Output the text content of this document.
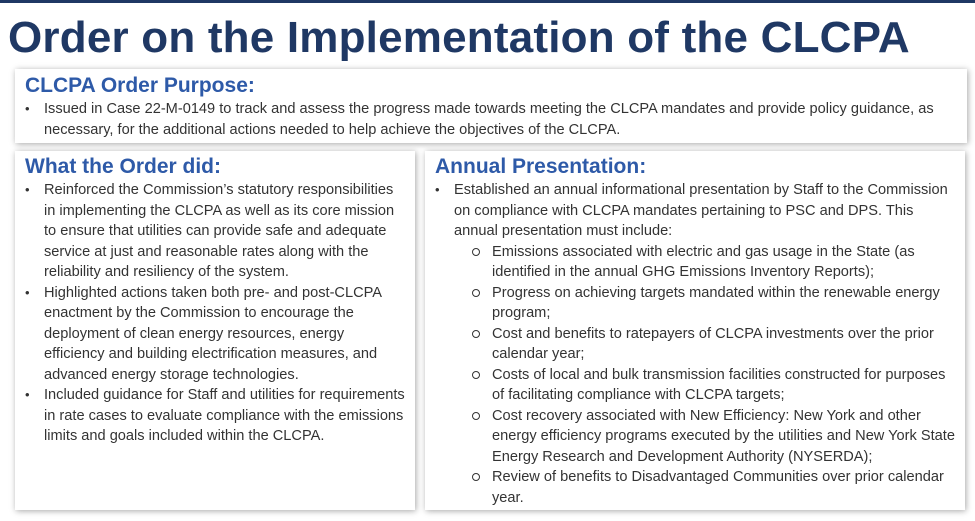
Order on the Implementation of the CLCPA
CLCPA Order Purpose:
• Issued in Case 22-M-0149 to track and assess the progress made towards meeting the CLCPA mandates and provide policy guidance, as necessary, for the additional actions needed to help achieve the objectives of the CLCPA.
What the Order did:
• Reinforced the Commission’s statutory responsibilities in implementing the CLCPA as well as its core mission to ensure that utilities can provide safe and adequate service at just and reasonable rates along with the reliability and resiliency of the system.
• Highlighted actions taken both pre- and post-CLCPA enactment by the Commission to encourage the deployment of clean energy resources, energy efficiency and building electrification measures, and advanced energy storage technologies.
• Included guidance for Staff and utilities for requirements in rate cases to evaluate compliance with the emissions limits and goals included within the CLCPA.
Annual Presentation:
• Established an annual informational presentation by Staff to the Commission on compliance with CLCPA mandates pertaining to PSC and DPS. This annual presentation must include:
Emissions associated with electric and gas usage in the State (as identified in the annual GHG Emissions Inventory Reports);
Progress on achieving targets mandated within the renewable energy program;
Cost and benefits to ratepayers of CLCPA investments over the prior calendar year;
Costs of local and bulk transmission facilities constructed for purposes of facilitating compliance with CLCPA targets;
Cost recovery associated with New Efficiency: New York and other energy efficiency programs executed by the utilities and New York State Energy Research and Development Authority (NYSERDA);
Review of benefits to Disadvantaged Communities over prior calendar year.
